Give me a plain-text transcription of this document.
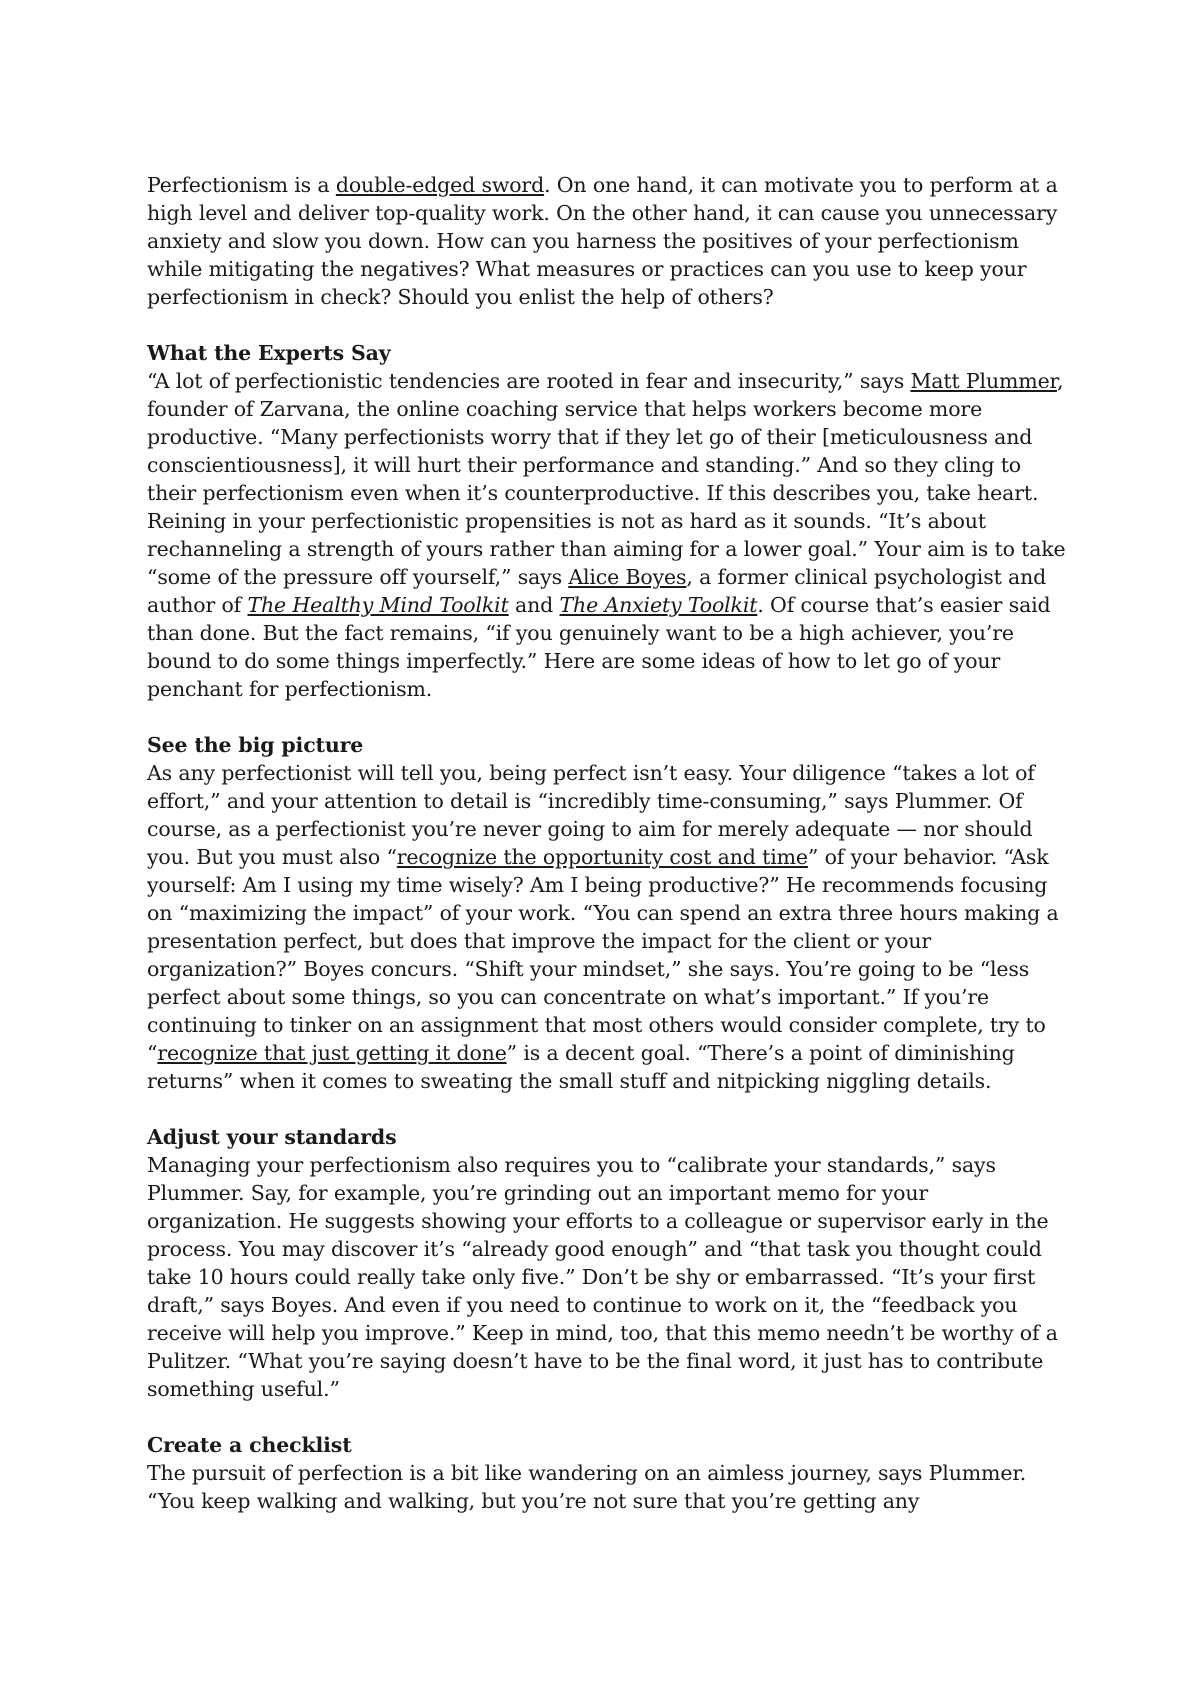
Perfectionism is a double-edged sword. On one hand, it can motivate you to perform at a high level and deliver top-quality work. On the other hand, it can cause you unnecessary anxiety and slow you down. How can you harness the positives of your perfectionism while mitigating the negatives? What measures or practices can you use to keep your perfectionism in check? Should you enlist the help of others?

What the Experts Say

“A lot of perfectionistic tendencies are rooted in fear and insecurity,” says Matt Plummer, founder of Zarvana, the online coaching service that helps workers become more productive. “Many perfectionists worry that if they let go of their [meticulousness and conscientiousness], it will hurt their performance and standing.” And so they cling to their perfectionism even when it’s counterproductive. If this describes you, take heart. Reining in your perfectionistic propensities is not as hard as it sounds. “It’s about rechanneling a strength of yours rather than aiming for a lower goal.” Your aim is to take “some of the pressure off yourself,” says Alice Boyes, a former clinical psychologist and author of The Healthy Mind Toolkit and The Anxiety Toolkit. Of course that’s easier said than done. But the fact remains, “if you genuinely want to be a high achiever, you’re bound to do some things imperfectly.” Here are some ideas of how to let go of your penchant for perfectionism.

See the big picture

As any perfectionist will tell you, being perfect isn’t easy. Your diligence “takes a lot of effort,” and your attention to detail is “incredibly time-consuming,” says Plummer. Of course, as a perfectionist you’re never going to aim for merely adequate — nor should you. But you must also “recognize the opportunity cost and time” of your behavior. “Ask yourself: Am I using my time wisely? Am I being productive?” He recommends focusing on “maximizing the impact” of your work. “You can spend an extra three hours making a presentation perfect, but does that improve the impact for the client or your organization?” Boyes concurs. “Shift your mindset,” she says. You’re going to be “less perfect about some things, so you can concentrate on what’s important.” If you’re continuing to tinker on an assignment that most others would consider complete, try to “recognize that just getting it done” is a decent goal. “There’s a point of diminishing returns” when it comes to sweating the small stuff and nitpicking niggling details.

Adjust your standards

Managing your perfectionism also requires you to “calibrate your standards,” says Plummer. Say, for example, you’re grinding out an important memo for your organization. He suggests showing your efforts to a colleague or supervisor early in the process. You may discover it’s “already good enough” and “that task you thought could take 10 hours could really take only five.” Don’t be shy or embarrassed. “It’s your first draft,” says Boyes. And even if you need to continue to work on it, the “feedback you receive will help you improve.” Keep in mind, too, that this memo needn’t be worthy of a Pulitzer. “What you’re saying doesn’t have to be the final word, it just has to contribute something useful.”

Create a checklist

The pursuit of perfection is a bit like wandering on an aimless journey, says Plummer. “You keep walking and walking, but you’re not sure that you’re getting any
